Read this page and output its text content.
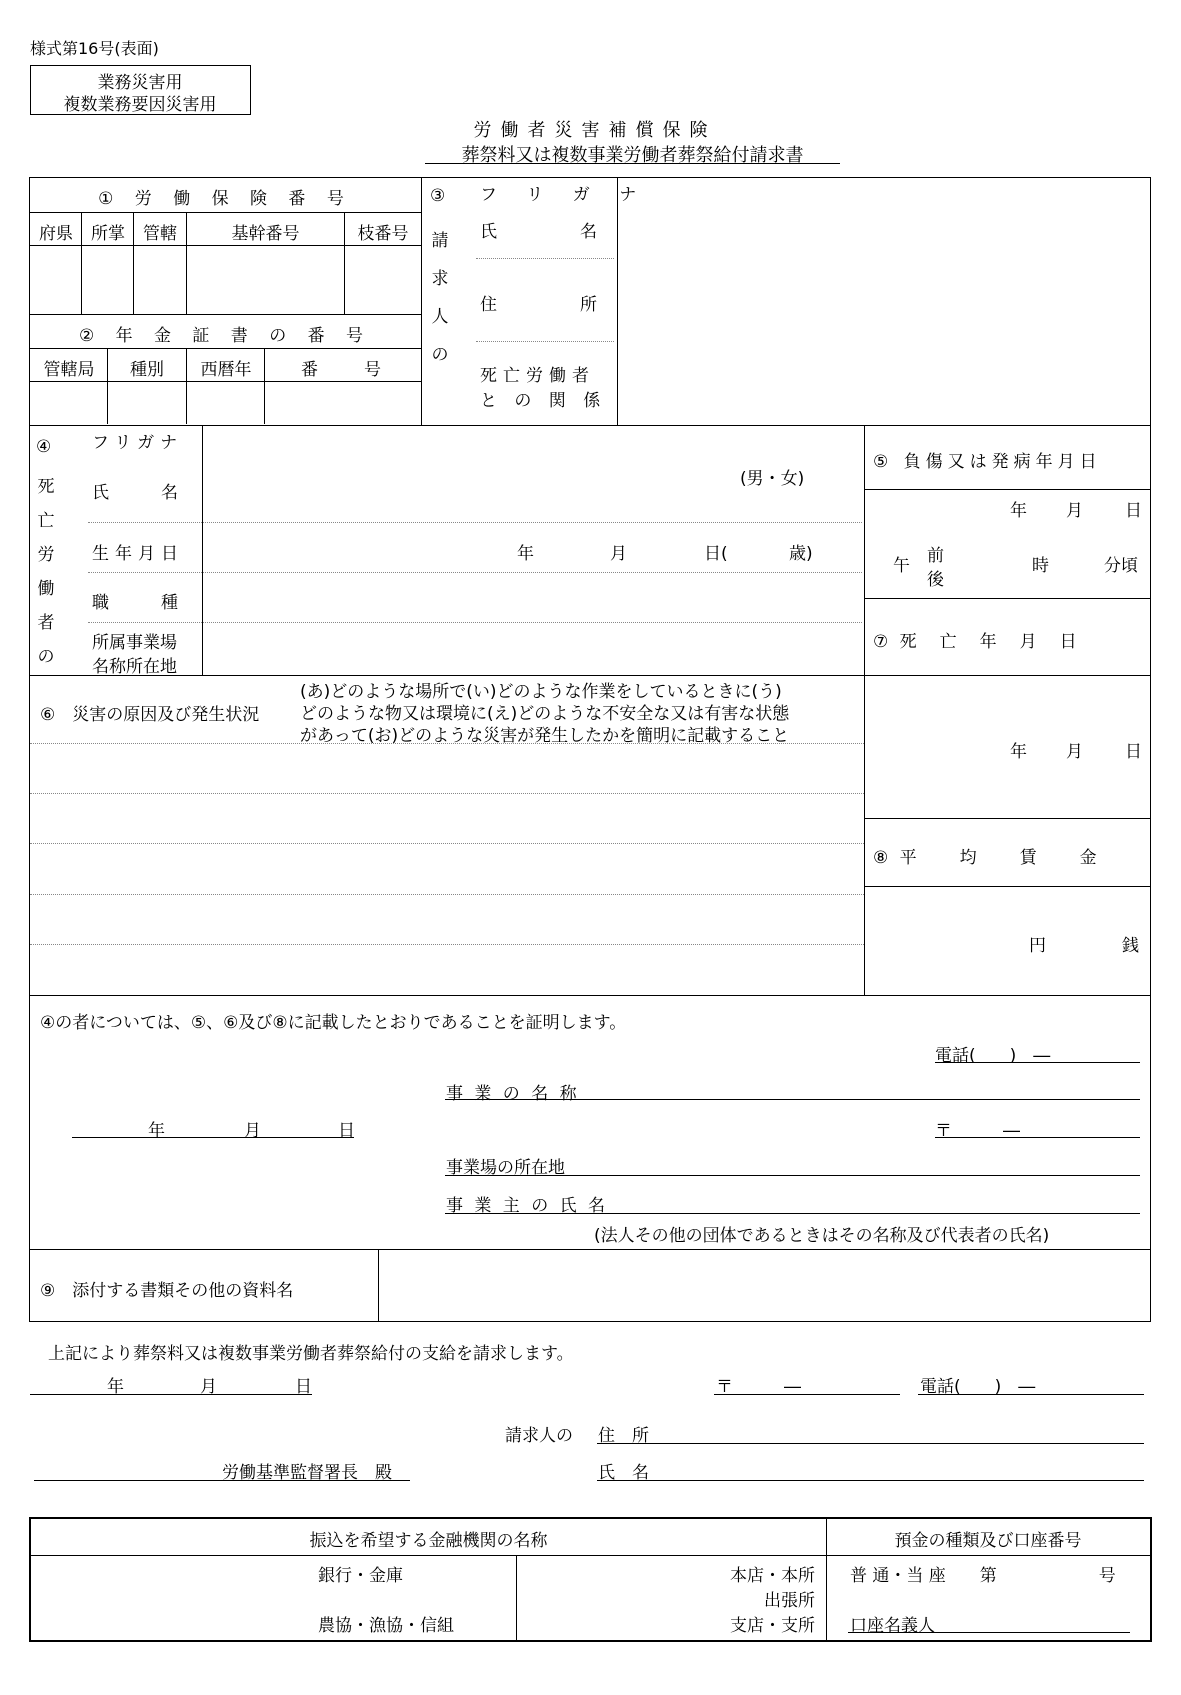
様式第16号(表面)
業務災害用
複数業務要因災害用
労働者災害補償保険
葬祭料又は複数事業労働者葬祭給付請求書
① 労 働 保 険 番 号
府県	所掌	管轄	基幹番号	枝番号
② 年 金 証 書 の 番 号
管轄局	種別	西暦年	番　　号
③
請
求
人
の
フ リ ガ ナ
氏　　　名
住　　　所
死亡労働者
と の 関 係
④
死
亡
労
働
者
の
フリガナ
氏　　名
(男・女)
生年月日	年	月	日(	歳)
職　　種
所属事業場
名称所在地
⑤ 負傷又は発病年月日
年 月 日
午 前
後
時	分頃
⑦ 死　亡　年　月　日
年 月 日
⑧ 平　　均　　賃　　金
円	銭
⑥　災害の原因及び発生状況
(あ)どのような場所で(い)どのような作業をしているときに(う)
どのような物又は環境に(え)どのような不安全な又は有害な状態
があって(お)どのような災害が発生したかを簡明に記載すること
④の者については、⑤、⑥及び⑧に記載したとおりであることを証明します。
電話(　　)　―
事 業 の 名 称
年	月	日	〒　　　―
事業場の所在地
事 業 主 の 氏 名
(法人その他の団体であるときはその名称及び代表者の氏名)
⑨　添付する書類その他の資料名
上記により葬祭料又は複数事業労働者葬祭給付の支給を請求します。
年	月	日	〒　　　―	電話(　　)　―
請求人の 住　所
労働基準監督署長　殿	氏　名
振込を希望する金融機関の名称	預金の種類及び口座番号
銀行・金庫
農協・漁協・信組
本店・本所
出張所
支店・支所
普 通・当 座　　第　　　　　　号
口座名義人
